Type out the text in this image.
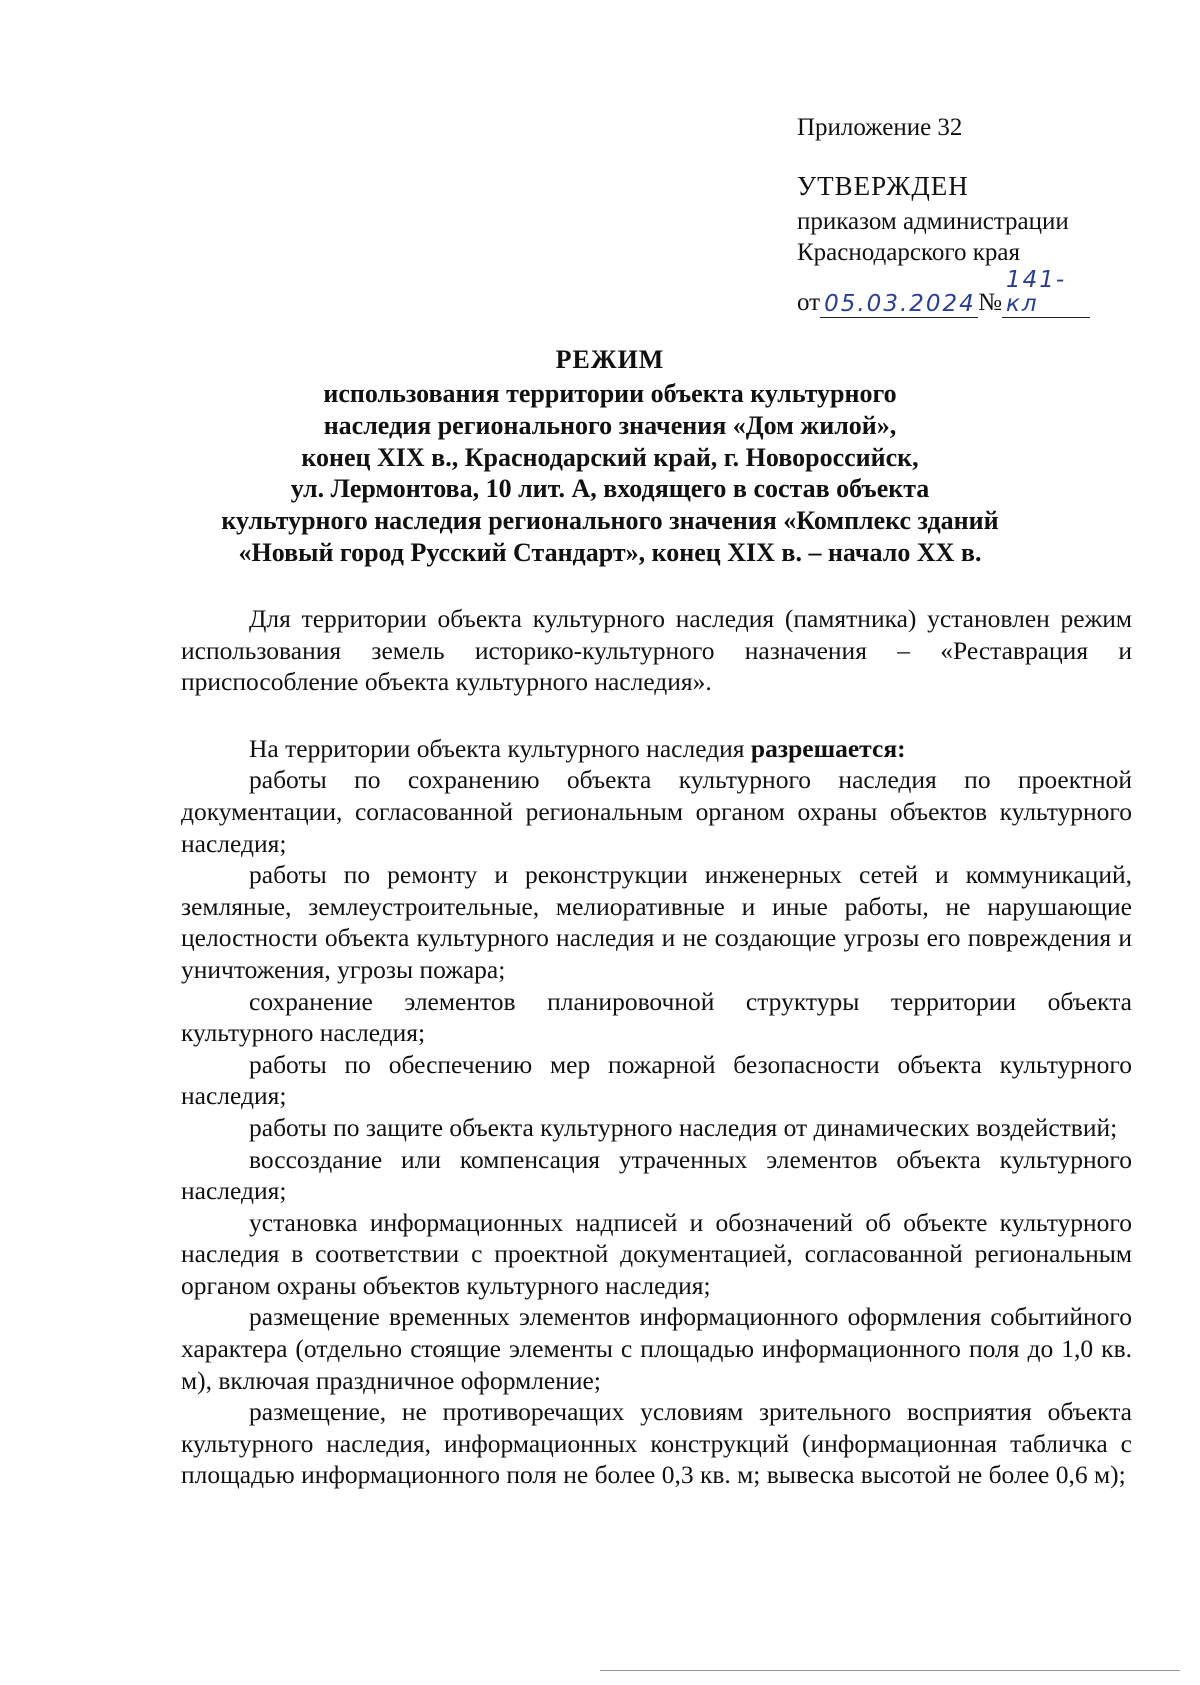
Приложение 32
УТВЕРЖДЕН
приказом администрации
Краснодарского края
от 05.03.2024 №
141-кл
РЕЖИМ
использования территории объекта культурного
наследия регионального значения «Дом жилой»,
конец XIX в., Краснодарский край, г. Новороссийск,
ул. Лермонтова, 10 лит. А, входящего в состав объекта
культурного наследия регионального значения «Комплекс зданий
«Новый город Русский Стандарт», конец XIX в. – начало XX в.

Для территории объекта культурного наследия (памятника) установлен режим использования земель историко-культурного назначения – «Реставрация и приспособление объекта культурного наследия».

На территории объекта культурного наследия разрешается:

работы по сохранению объекта культурного наследия по проектной документации, согласованной региональным органом охраны объектов культурного наследия;

работы по ремонту и реконструкции инженерных сетей и коммуникаций, земляные, землеустроительные, мелиоративные и иные работы, не нарушающие целостности объекта культурного наследия и не создающие угрозы его повреждения и уничтожения, угрозы пожара;

сохранение элементов планировочной структуры территории объекта культурного наследия;

работы по обеспечению мер пожарной безопасности объекта культурного наследия;

работы по защите объекта культурного наследия от динамических воздействий;

воссоздание или компенсация утраченных элементов объекта культурного наследия;

установка информационных надписей и обозначений об объекте культурного наследия в соответствии с проектной документацией, согласованной региональным органом охраны объектов культурного наследия;

размещение временных элементов информационного оформления событийного характера (отдельно стоящие элементы с площадью информационного поля до 1,0 кв. м), включая праздничное оформление;

размещение, не противоречащих условиям зрительного восприятия объекта культурного наследия, информационных конструкций (информационная табличка с площадью информационного поля не более 0,3 кв. м; вывеска высотой не более 0,6 м);
